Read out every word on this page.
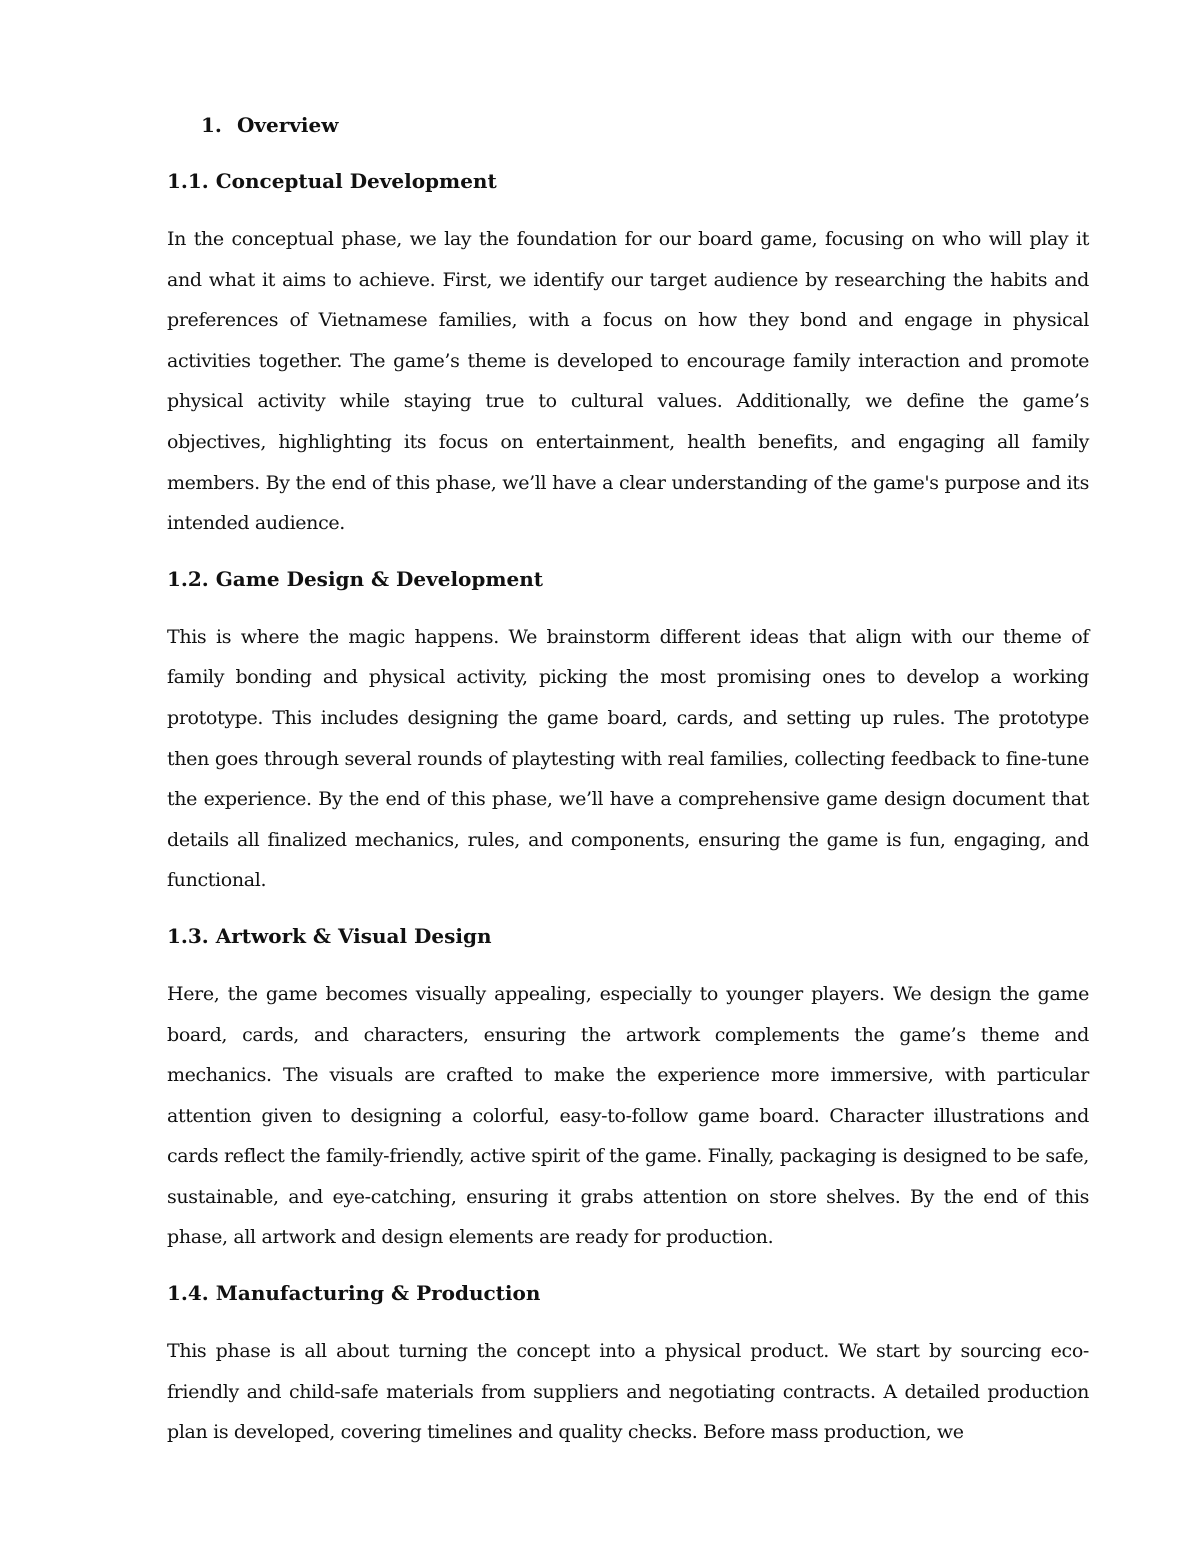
1. Overview
1.1. Conceptual Development
In the conceptual phase, we lay the foundation for our board game, focusing on who will play it and what it aims to achieve. First, we identify our target audience by researching the habits and preferences of Vietnamese families, with a focus on how they bond and engage in physical activities together. The game’s theme is developed to encourage family interaction and promote physical activity while staying true to cultural values. Additionally, we define the game’s objectives, highlighting its focus on entertainment, health benefits, and engaging all family members. By the end of this phase, we’ll have a clear understanding of the game's purpose and its intended audience.
1.2. Game Design & Development
This is where the magic happens. We brainstorm different ideas that align with our theme of family bonding and physical activity, picking the most promising ones to develop a working prototype. This includes designing the game board, cards, and setting up rules. The prototype then goes through several rounds of playtesting with real families, collecting feedback to fine-tune the experience. By the end of this phase, we’ll have a comprehensive game design document that details all finalized mechanics, rules, and components, ensuring the game is fun, engaging, and functional.
1.3. Artwork & Visual Design
Here, the game becomes visually appealing, especially to younger players. We design the game board, cards, and characters, ensuring the artwork complements the game’s theme and mechanics. The visuals are crafted to make the experience more immersive, with particular attention given to designing a colorful, easy-to-follow game board. Character illustrations and cards reflect the family-friendly, active spirit of the game. Finally, packaging is designed to be safe, sustainable, and eye-catching, ensuring it grabs attention on store shelves. By the end of this phase, all artwork and design elements are ready for production.
1.4. Manufacturing & Production
This phase is all about turning the concept into a physical product. We start by sourcing eco-friendly and child-safe materials from suppliers and negotiating contracts. A detailed production plan is developed, covering timelines and quality checks. Before mass production, we
